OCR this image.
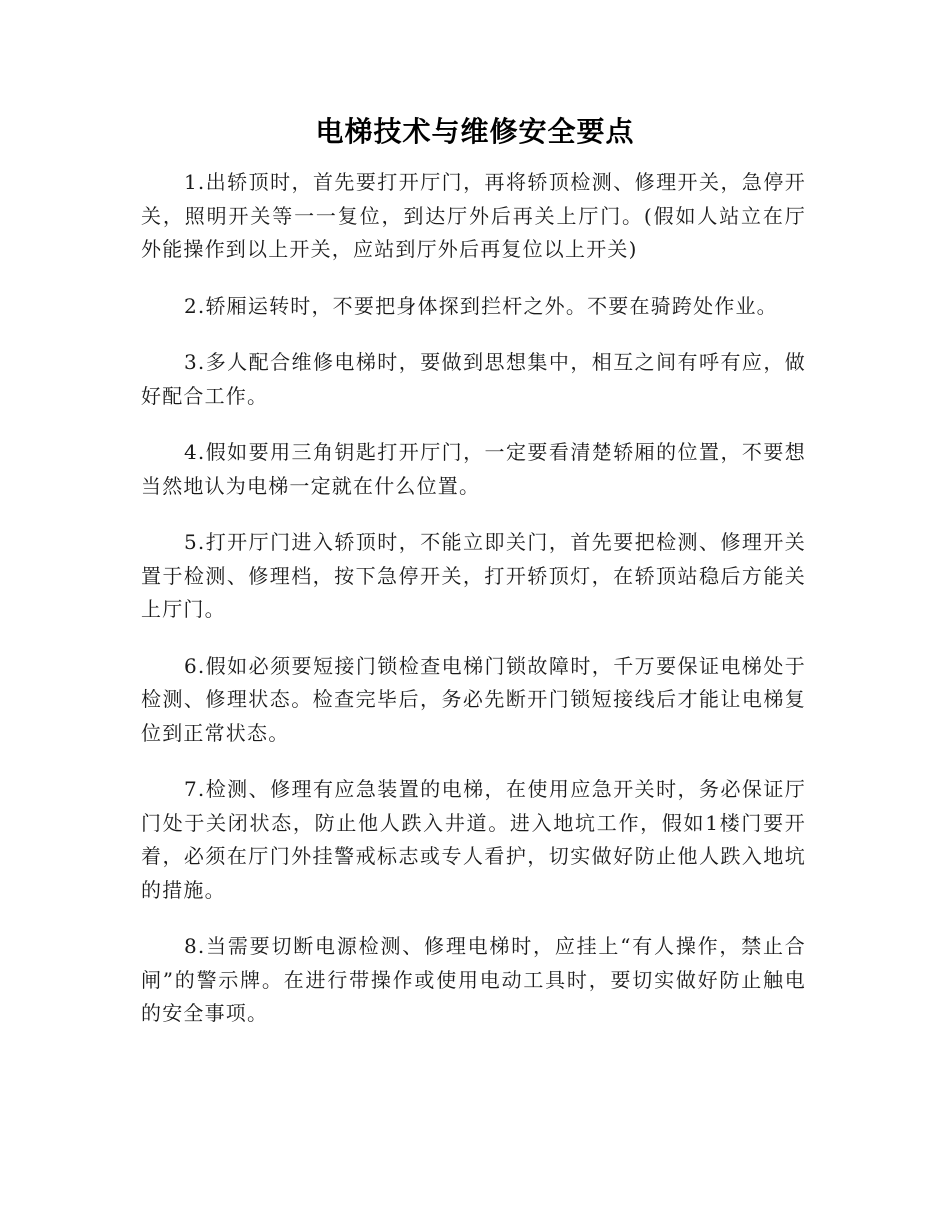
电梯技术与维修安全要点

1.出轿顶时，首先要打开厅门，再将轿顶检测、修理开关，急停开关，照明开关等一一复位，到达厅外后再关上厅门。(假如人站立在厅外能操作到以上开关，应站到厅外后再复位以上开关)

2.轿厢运转时，不要把身体探到拦杆之外。不要在骑跨处作业。

3.多人配合维修电梯时，要做到思想集中，相互之间有呼有应，做好配合工作。

4.假如要用三角钥匙打开厅门，一定要看清楚轿厢的位置，不要想当然地认为电梯一定就在什么位置。

5.打开厅门进入轿顶时，不能立即关门，首先要把检测、修理开关置于检测、修理档，按下急停开关，打开轿顶灯，在轿顶站稳后方能关上厅门。

6.假如必须要短接门锁检查电梯门锁故障时，千万要保证电梯处于检测、修理状态。检查完毕后，务必先断开门锁短接线后才能让电梯复位到正常状态。

7.检测、修理有应急装置的电梯，在使用应急开关时，务必保证厅门处于关闭状态，防止他人跌入井道。进入地坑工作，假如1楼门要开着，必须在厅门外挂警戒标志或专人看护，切实做好防止他人跌入地坑的措施。

8.当需要切断电源检测、修理电梯时，应挂上“有人操作，禁止合闸”的警示牌。在进行带操作或使用电动工具时，要切实做好防止触电的安全事项。
